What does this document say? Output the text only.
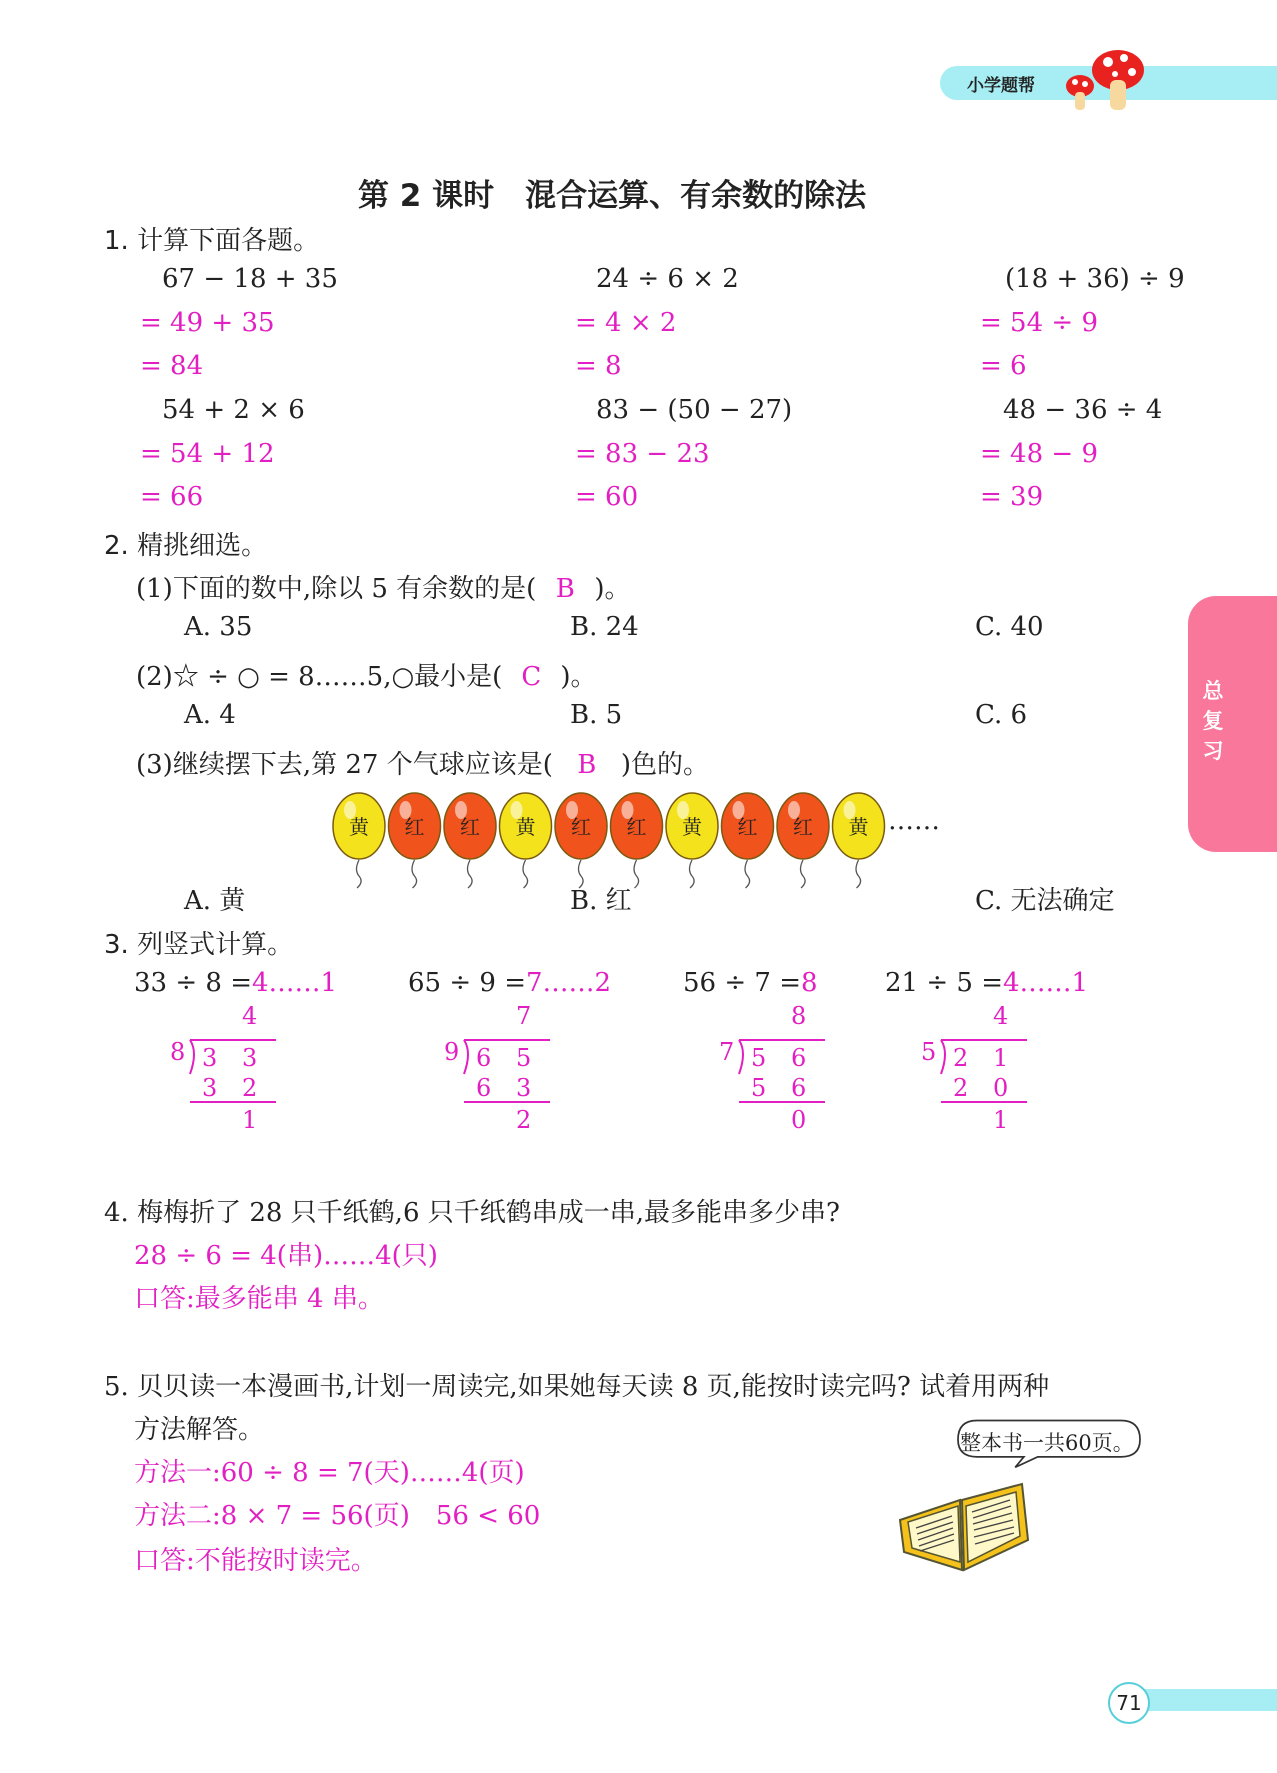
小学题帮
总复习
第 2 课时　混合运算、有余数的除法
1. 计算下面各题。
67 − 18 + 35
= 49 + 35
= 84
24 ÷ 6 × 2
= 4 × 2
= 8
(18 + 36) ÷ 9
= 54 ÷ 9
= 6
54 + 2 × 6
= 54 + 12
= 66
83 − (50 − 27)
= 83 − 23
= 60
48 − 36 ÷ 4
= 48 − 9
= 39
2. 精挑细选。
(1)下面的数中,除以 5 有余数的是( B )。
A. 35	B. 24	C. 40
(2)☆ ÷ ○ = 8……5,○最小是( C )。
A. 4	B. 5	C. 6
(3)继续摆下去,第 27 个气球应该是( B )色的。
黄 红 红 黄 红 红 黄 红 红 黄 ……
A. 黄	B. 红	C. 无法确定
3. 列竖式计算。
33 ÷ 8 =4……1
4
8 3 3
3 2
1
65 ÷ 9 =7……2
7
9 6 5
6 3
2
56 ÷ 7 =8
8
7 5 6
5 6
0
21 ÷ 5 =4……1
4
5 2 1
2 0
1
4. 梅梅折了 28 只千纸鹤,6 只千纸鹤串成一串,最多能串多少串?
28 ÷ 6 = 4(串)……4(只)
口答:最多能串 4 串。
5. 贝贝读一本漫画书,计划一周读完,如果她每天读 8 页,能按时读完吗? 试着用两种
方法解答。
方法一:60 ÷ 8 = 7(天)……4(页)
方法二:8 × 7 = 56(页)　56 < 60
口答:不能按时读完。
整本书一共60页。
71
